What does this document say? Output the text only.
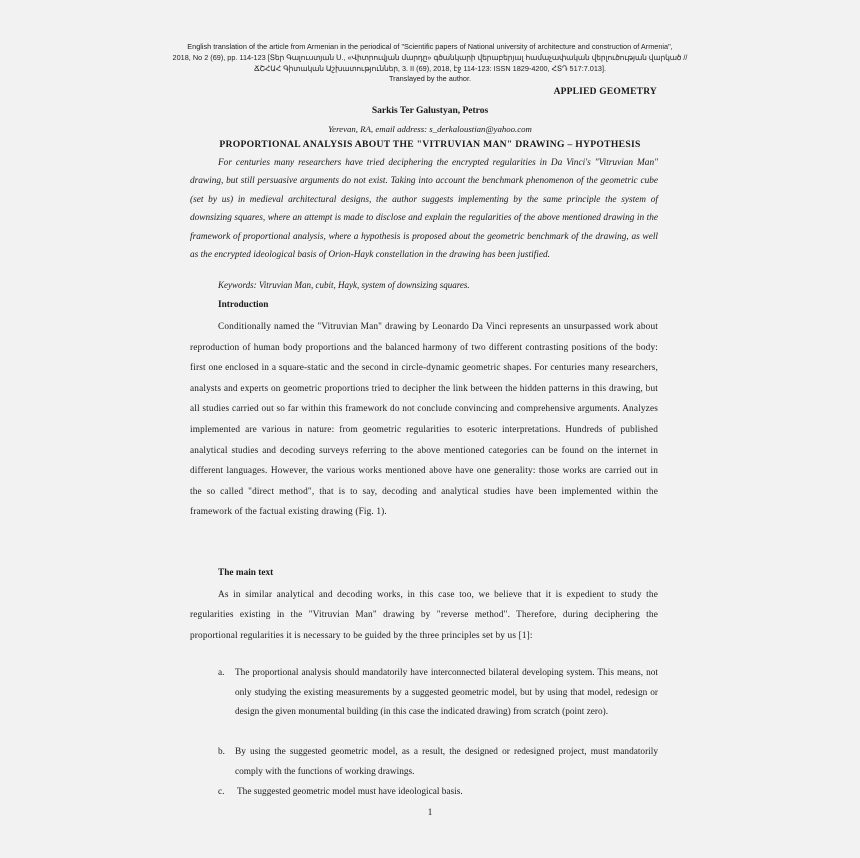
English translation of the article from Armenian in the periodical of "Scientific papers of National university of architecture and construction of Armenia",
2018, No 2 (69), pp. 114-123 [Տեր Գալուստյան Ս., «Վիտրուվյան մարդը» գծանկարի վերաբերյալ համաչափական վերլուծության վարկած //
ՃՇՀԱՀ Գիտական Աշխատություններ, 3. II (69), 2018, էջ 114-123: ISSN 1829-4200, ՀՏԴ 517:7.013].
Translayed by the author.
APPLIED GEOMETRY
Sarkis Ter Galustyan, Petros
Yerevan, RA, email address: s_derkaloustian@yahoo.com
PROPORTIONAL ANALYSIS ABOUT THE "VITRUVIAN MAN" DRAWING – HYPOTHESIS

For centuries many researchers have tried deciphering the encrypted regularities in Da Vinci's "Vitruvian Man" drawing, but still persuasive arguments do not exist. Taking into account the benchmark phenomenon of the geometric cube (set by us) in medieval architectural designs, the author suggests implementing by the same principle the system of downsizing squares, where an attempt is made to disclose and explain the regularities of the above mentioned drawing in the framework of proportional analysis, where a hypothesis is proposed about the geometric benchmark of the drawing, as well as the encrypted ideological basis of Orion-Hayk constellation in the drawing has been justified.

Keywords: Vitruvian Man, cubit, Hayk, system of downsizing squares.
Introduction

Conditionally named the "Vitruvian Man" drawing by Leonardo Da Vinci represents an unsurpassed work about reproduction of human body proportions and the balanced harmony of two different contrasting positions of the body: first one enclosed in a square-static and the second in circle-dynamic geometric shapes. For centuries many researchers, analysts and experts on geometric proportions tried to decipher the link between the hidden patterns in this drawing, but all studies carried out so far within this framework do not conclude convincing and comprehensive arguments. Analyzes implemented are various in nature: from geometric regularities to esoteric interpretations. Hundreds of published analytical studies and decoding surveys referring to the above mentioned categories can be found on the internet in different languages. However, the various works mentioned above have one generality: those works are carried out in the so called "direct method", that is to say, decoding and analytical studies have been implemented within the framework of the factual existing drawing (Fig. 1).

The main text

As in similar analytical and decoding works, in this case too, we believe that it is expedient to study the regularities existing in the "Vitruvian Man" drawing by "reverse method". Therefore, during deciphering the proportional regularities it is necessary to be guided by the three principles set by us [1]:

a. The proportional analysis should mandatorily have interconnected bilateral developing system. This means, not only studying the existing measurements by a suggested geometric model, but by using that model, redesign or design the given monumental building (in this case the indicated drawing) from scratch (point zero).
b. By using the suggested geometric model, as a result, the designed or redesigned project, must mandatorily comply with the functions of working drawings.
c. The suggested geometric model must have ideological basis.
1
